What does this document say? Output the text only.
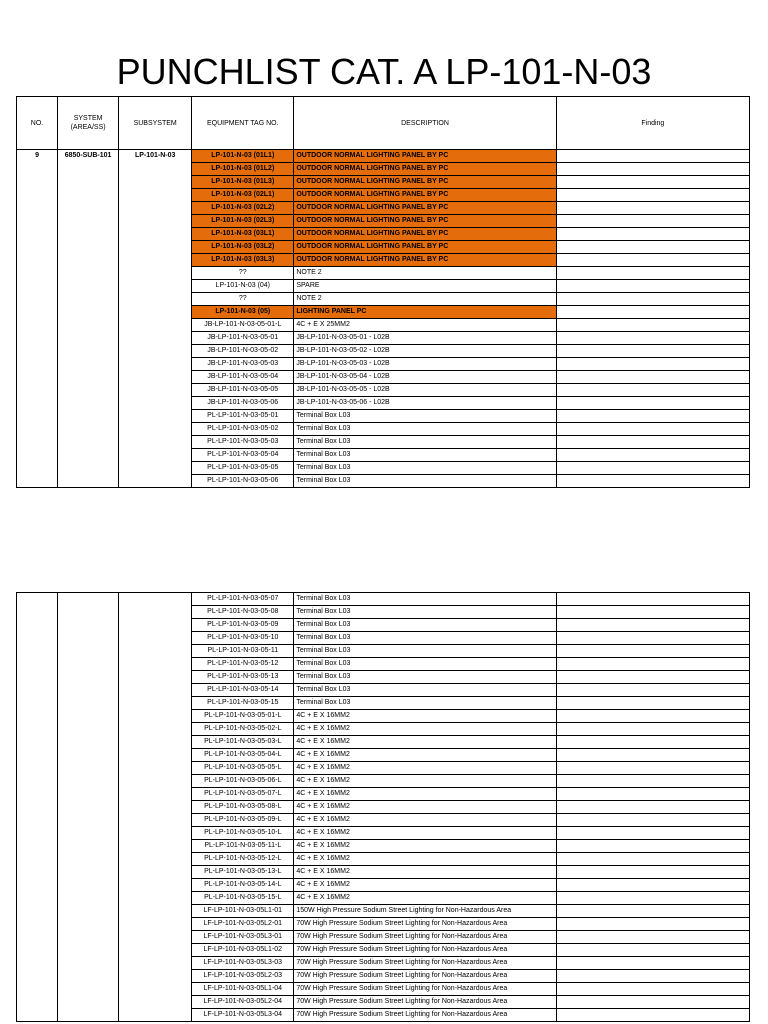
PUNCHLIST CAT. A LP-101-N-03
NO.	SYSTEM (AREA/SS)	SUBSYSTEM	EQUIPMENT TAG NO.	DESCRIPTION	Finding
9	6850-SUB-101	LP-101-N-03	LP-101-N-03 (01L1)	OUTDOOR NORMAL LIGHTING PANEL BY PC	
			LP-101-N-03 (01L2)	OUTDOOR NORMAL LIGHTING PANEL BY PC	
			LP-101-N-03 (01L3)	OUTDOOR NORMAL LIGHTING PANEL BY PC	
			LP-101-N-03 (02L1)	OUTDOOR NORMAL LIGHTING PANEL BY PC	
			LP-101-N-03 (02L2)	OUTDOOR NORMAL LIGHTING PANEL BY PC	
			LP-101-N-03 (02L3)	OUTDOOR NORMAL LIGHTING PANEL BY PC	
			LP-101-N-03 (03L1)	OUTDOOR NORMAL LIGHTING PANEL BY PC	
			LP-101-N-03 (03L2)	OUTDOOR NORMAL LIGHTING PANEL BY PC	
			LP-101-N-03 (03L3)	OUTDOOR NORMAL LIGHTING PANEL BY PC	
			??	NOTE 2	
			LP-101-N-03 (04)	SPARE	
			??	NOTE 2	
			LP-101-N-03 (05)	LIGHTING PANEL PC	
			JB-LP-101-N-03-05-01-L	4C + E X 25MM2	
			JB-LP-101-N-03-05-01	JB-LP-101-N-03-05-01 - L02B	
			JB-LP-101-N-03-05-02	JB-LP-101-N-03-05-02 - L02B	
			JB-LP-101-N-03-05-03	JB-LP-101-N-03-05-03 - L02B	
			JB-LP-101-N-03-05-04	JB-LP-101-N-03-05-04 - L02B	
			JB-LP-101-N-03-05-05	JB-LP-101-N-03-05-05 - L02B	
			JB-LP-101-N-03-05-06	JB-LP-101-N-03-05-06 - L02B	
			PL-LP-101-N-03-05-01	Terminal Box L03	
			PL-LP-101-N-03-05-02	Terminal Box L03	
			PL-LP-101-N-03-05-03	Terminal Box L03	
			PL-LP-101-N-03-05-04	Terminal Box L03	
			PL-LP-101-N-03-05-05	Terminal Box L03	
			PL-LP-101-N-03-05-06	Terminal Box L03	
			PL-LP-101-N-03-05-07	Terminal Box L03	
			PL-LP-101-N-03-05-08	Terminal Box L03	
			PL-LP-101-N-03-05-09	Terminal Box L03	
			PL-LP-101-N-03-05-10	Terminal Box L03	
			PL-LP-101-N-03-05-11	Terminal Box L03	
			PL-LP-101-N-03-05-12	Terminal Box L03	
			PL-LP-101-N-03-05-13	Terminal Box L03	
			PL-LP-101-N-03-05-14	Terminal Box L03	
			PL-LP-101-N-03-05-15	Terminal Box L03	
			PL-LP-101-N-03-05-01-L	4C + E X 16MM2	
			PL-LP-101-N-03-05-02-L	4C + E X 16MM2	
			PL-LP-101-N-03-05-03-L	4C + E X 16MM2	
			PL-LP-101-N-03-05-04-L	4C + E X 16MM2	
			PL-LP-101-N-03-05-05-L	4C + E X 16MM2	
			PL-LP-101-N-03-05-06-L	4C + E X 16MM2	
			PL-LP-101-N-03-05-07-L	4C + E X 16MM2	
			PL-LP-101-N-03-05-08-L	4C + E X 16MM2	
			PL-LP-101-N-03-05-09-L	4C + E X 16MM2	
			PL-LP-101-N-03-05-10-L	4C + E X 16MM2	
			PL-LP-101-N-03-05-11-L	4C + E X 16MM2	
			PL-LP-101-N-03-05-12-L	4C + E X 16MM2	
			PL-LP-101-N-03-05-13-L	4C + E X 16MM2	
			PL-LP-101-N-03-05-14-L	4C + E X 16MM2	
			PL-LP-101-N-03-05-15-L	4C + E X 16MM2	
			LF-LP-101-N-03-05L1-01	150W High Pressure Sodium Street Lighting for Non-Hazardous Area	
			LF-LP-101-N-03-05L2-01	70W High Pressure Sodium Street Lighting for Non-Hazardous Area	
			LF-LP-101-N-03-05L3-01	70W High Pressure Sodium Street Lighting for Non-Hazardous Area	
			LF-LP-101-N-03-05L1-02	70W High Pressure Sodium Street Lighting for Non-Hazardous Area	
			LF-LP-101-N-03-05L3-03	70W High Pressure Sodium Street Lighting for Non-Hazardous Area	
			LF-LP-101-N-03-05L2-03	70W High Pressure Sodium Street Lighting for Non-Hazardous Area	
			LF-LP-101-N-03-05L1-04	70W High Pressure Sodium Street Lighting for Non-Hazardous Area	
			LF-LP-101-N-03-05L2-04	70W High Pressure Sodium Street Lighting for Non-Hazardous Area	
			LF-LP-101-N-03-05L3-04	70W High Pressure Sodium Street Lighting for Non-Hazardous Area	
